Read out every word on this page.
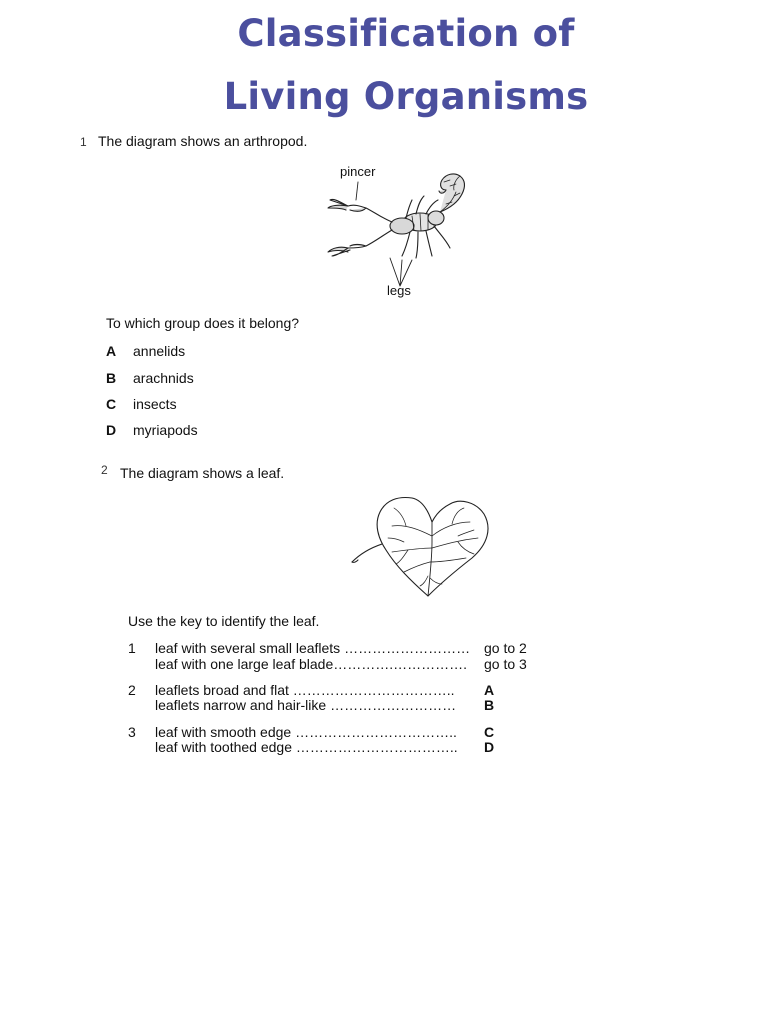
Classification of
Living Organisms
1 The diagram shows an arthropod.
pincer
legs
To which group does it belong?
A annelids
B arachnids
C insects
D myriapods
2 The diagram shows a leaf.
Use the key to identify the leaf.
1 leaf with several small leaflets ……………………… go to 2
leaf with one large leaf blade………….……………. go to 3
2 leaflets broad and flat …………………………….. A
leaflets narrow and hair-like ……………………… B
3 leaf with smooth edge …………………………….. C
leaf with toothed edge …………………………….. D
